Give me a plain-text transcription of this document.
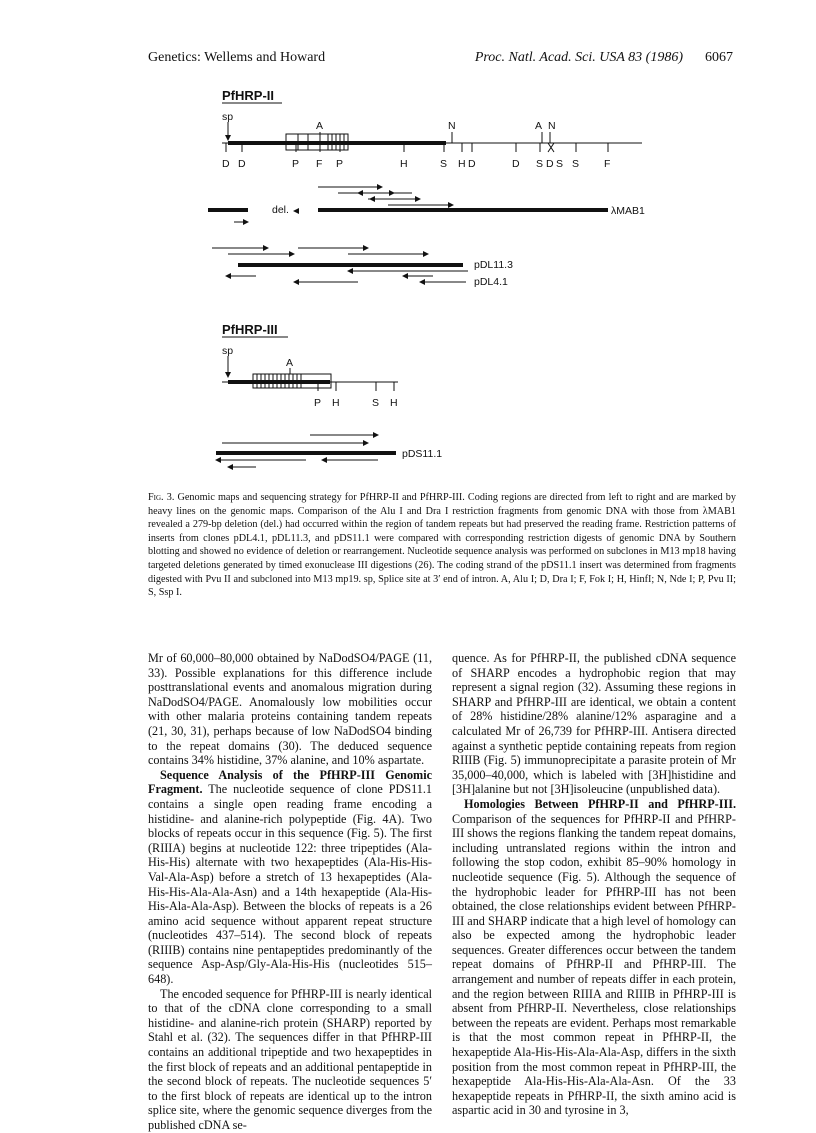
Genetics: Wellems and Howard	Proc. Natl. Acad. Sci. USA 83 (1986) 6067
PfHRP-II
sp
A	N	A N
D D	P F P	H	S H D	D S D S S F
del.	λMAB1
pDL11.3
pDL4.1
PfHRP-III
sp
A
P H	S H
pDS11.1
Fig. 3. Genomic maps and sequencing strategy for PfHRP-II and PfHRP-III. Coding regions are directed from left to right and are marked by heavy lines on the genomic maps. Comparison of the Alu I and Dra I restriction fragments from genomic DNA with those from λMAB1 revealed a 279-bp deletion (del.) had occurred within the region of tandem repeats but had preserved the reading frame. Restriction patterns of inserts from clones pDL4.1, pDL11.3, and pDS11.1 were compared with corresponding restriction digests of genomic DNA by Southern blotting and showed no evidence of deletion or rearrangement. Nucleotide sequence analysis was performed on subclones in M13 mp18 having targeted deletions generated by timed exonuclease III digestions (26). The coding strand of the pDS11.1 insert was determined from fragments digested with Pvu II and subcloned into M13 mp19. sp, Splice site at 3′ end of intron. A, Alu I; D, Dra I; F, Fok I; H, HinfI; N, Nde I; P, Pvu II; S, Ssp I.

Mr of 60,000–80,000 obtained by NaDodSO4/PAGE (11, 33). Possible explanations for this difference include posttranslational events and anomalous migration during NaDodSO4/PAGE. Anomalously low mobilities occur with other malaria proteins containing tandem repeats (21, 30, 31), perhaps because of low NaDodSO4 binding to the repeat domains (30). The deduced sequence contains 34% histidine, 37% alanine, and 10% aspartate.

Sequence Analysis of the PfHRP-III Genomic Fragment. The nucleotide sequence of clone PDS11.1 contains a single open reading frame encoding a histidine- and alanine-rich polypeptide (Fig. 4A). Two blocks of repeats occur in this sequence (Fig. 5). The first (RIIIA) begins at nucleotide 122: three tripeptides (Ala-His-His) alternate with two hexapeptides (Ala-His-His-Val-Ala-Asp) before a stretch of 13 hexapeptides (Ala-His-His-Ala-Ala-Asn) and a 14th hexapeptide (Ala-His-His-Ala-Ala-Asp). Between the blocks of repeats is a 26 amino acid sequence without apparent repeat structure (nucleotides 437–514). The second block of repeats (RIIIB) contains nine pentapeptides predominantly of the sequence Asp-Asp/Gly-Ala-His-His (nucleotides 515–648).

The encoded sequence for PfHRP-III is nearly identical to that of the cDNA clone corresponding to a small histidine- and alanine-rich protein (SHARP) reported by Stahl et al. (32). The sequences differ in that PfHRP-III contains an additional tripeptide and two hexapeptides in the first block of repeats and an additional pentapeptide in the second block of repeats. The nucleotide sequences 5′ to the first block of repeats are identical up to the intron splice site, where the genomic sequence diverges from the published cDNA se-

quence. As for PfHRP-II, the published cDNA sequence of SHARP encodes a hydrophobic region that may represent a signal region (32). Assuming these regions in SHARP and PfHRP-III are identical, we obtain a content of 28% histidine/28% alanine/12% asparagine and a calculated Mr of 26,739 for PfHRP-III. Antisera directed against a synthetic peptide containing repeats from region RIIIB (Fig. 5) immunoprecipitate a parasite protein of Mr 35,000–40,000, which is labeled with [3H]histidine and [3H]alanine but not [3H]isoleucine (unpublished data).

Homologies Between PfHRP-II and PfHRP-III. Comparison of the sequences for PfHRP-II and PfHRP-III shows the regions flanking the tandem repeat domains, including untranslated regions within the intron and following the stop codon, exhibit 85–90% homology in nucleotide sequence (Fig. 5). Although the sequence of the hydrophobic leader for PfHRP-III has not been obtained, the close relationships evident between PfHRP-III and SHARP indicate that a high level of homology can also be expected among the hydrophobic leader sequences. Greater differences occur between the tandem repeat domains of PfHRP-II and PfHRP-III. The arrangement and number of repeats differ in each protein, and the region between RIIIA and RIIIB in PfHRP-III is absent from PfHRP-II. Nevertheless, close relationships between the repeats are evident. Perhaps most remarkable is that the most common repeat in PfHRP-II, the hexapeptide Ala-His-His-Ala-Ala-Asp, differs in the sixth position from the most common repeat in PfHRP-III, the hexapeptide Ala-His-His-Ala-Ala-Asn. Of the 33 hexapeptide repeats in PfHRP-II, the sixth amino acid is aspartic acid in 30 and tyrosine in 3,
